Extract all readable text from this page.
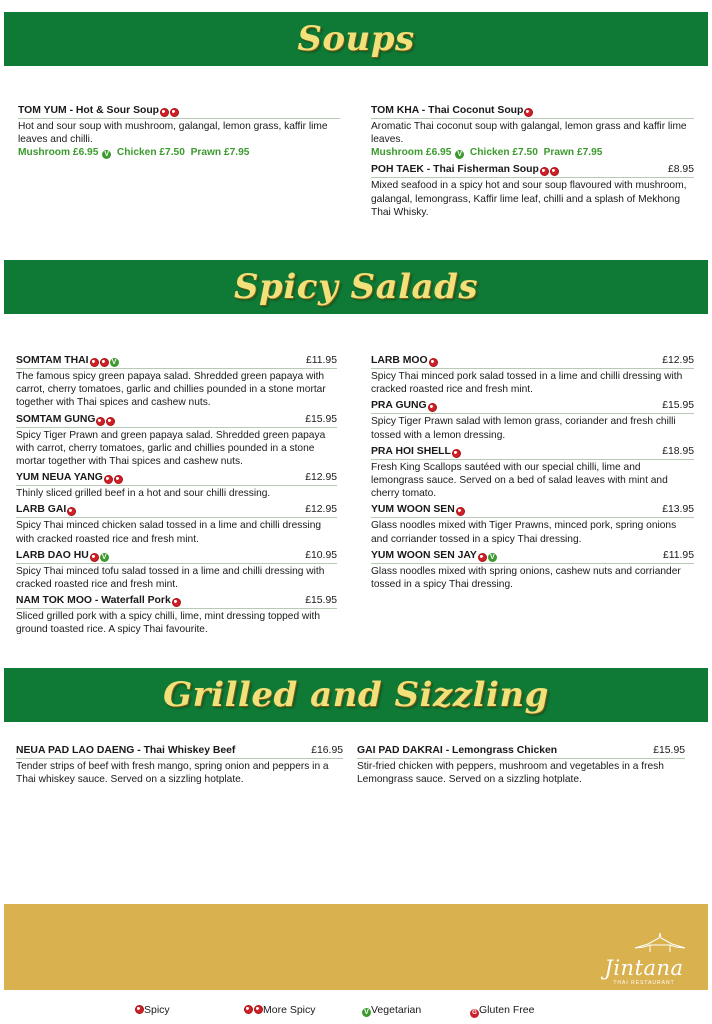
Soups
TOM YUM - Hot & Sour Soup
Hot and sour soup with mushroom, galangal, lemon grass, kaffir lime leaves and chilli.
Mushroom £6.95 V Chicken £7.50 Prawn £7.95
TOM KHA - Thai Coconut Soup
Aromatic Thai coconut soup with galangal, lemon grass and kaffir lime leaves.
Mushroom £6.95 V Chicken £7.50 Prawn £7.95
POH TAEK - Thai Fisherman Soup	£8.95
Mixed seafood in a spicy hot and sour soup flavoured with mushroom, galangal, lemongrass, Kaffir lime leaf, chilli and a splash of Mekhong Thai Whisky.
Spicy Salads
SOMTAM THAI	V	£11.95
The famous spicy green papaya salad. Shredded green papaya with carrot, cherry tomatoes, garlic and chillies pounded in a stone mortar together with Thai spices and cashew nuts.
SOMTAM GUNG	£15.95
Spicy Tiger Prawn and green papaya salad. Shredded green papaya with carrot, cherry tomatoes, garlic and chillies pounded in a stone mortar together with Thai spices and cashew nuts.
YUM NEUA YANG	£12.95
Thinly sliced grilled beef in a hot and sour chilli dressing.
LARB GAI	£12.95
Spicy Thai minced chicken salad tossed in a lime and chilli dressing with cracked roasted rice and fresh mint.
LARB DAO HU	V	£10.95
Spicy Thai minced tofu salad tossed in a lime and chilli dressing with cracked roasted rice and fresh mint.
NAM TOK MOO - Waterfall Pork	£15.95
Sliced grilled pork with a spicy chilli, lime, mint dressing topped with ground toasted rice. A spicy Thai favourite.
LARB MOO	£12.95
Spicy Thai minced pork salad tossed in a lime and chilli dressing with cracked roasted rice and fresh mint.
PRA GUNG	£15.95
Spicy Tiger Prawn salad with lemon grass, coriander and fresh chilli tossed with a lemon dressing.
PRA HOI SHELL	£18.95
Fresh King Scallops sautéed with our special chilli, lime and lemongrass sauce. Served on a bed of salad leaves with mint and cherry tomato.
YUM WOON SEN	£13.95
Glass noodles mixed with Tiger Prawns, minced pork, spring onions and corriander tossed in a spicy Thai dressing.
YUM WOON SEN JAY	V	£11.95
Glass noodles mixed with spring onions, cashew nuts and corriander tossed in a spicy Thai dressing.
Grilled and Sizzling
NEUA PAD LAO DAENG - Thai Whiskey Beef	£16.95
Tender strips of beef with fresh mango, spring onion and peppers in a Thai whiskey sauce. Served on a sizzling hotplate.
GAI PAD DAKRAI - Lemongrass Chicken	£15.95
Stir-fried chicken with peppers, mushroom and vegetables in a fresh Lemongrass sauce. Served on a sizzling hotplate.
Jintana
THAI RESTAURANT
Spicy	More Spicy	V Vegetarian	G Gluten Free
